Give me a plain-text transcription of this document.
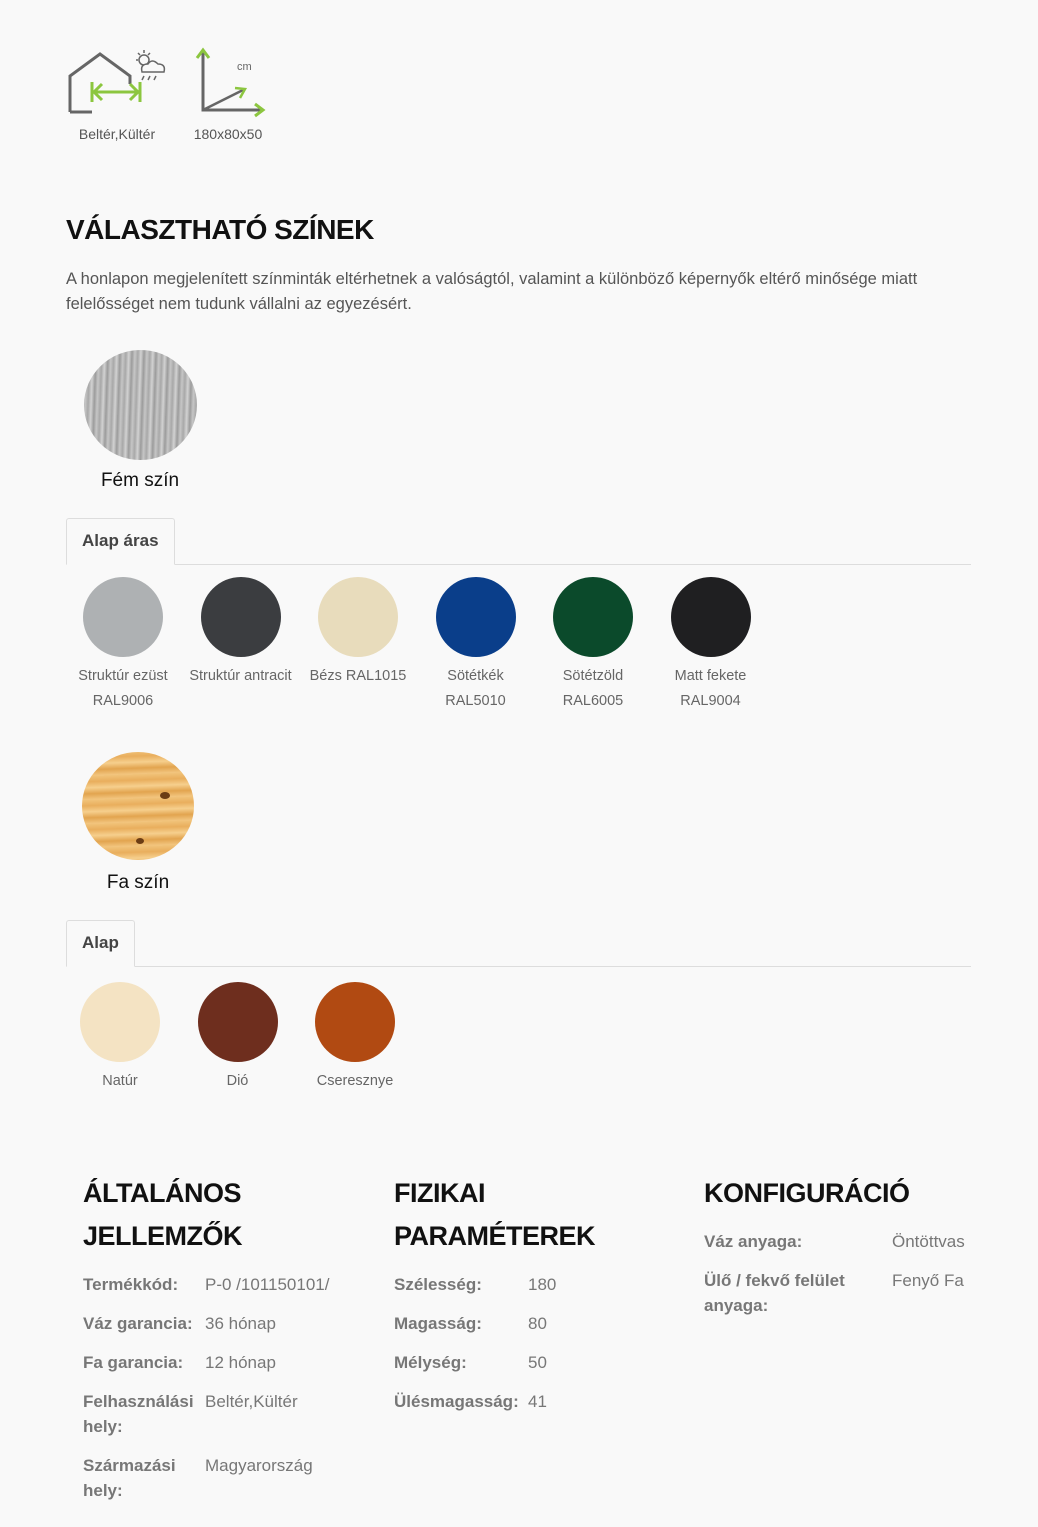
Beltér,Kültér
cm
180x80x50
VÁLASZTHATÓ SZÍNEK
A honlapon megjelenített színminták eltérhetnek a valóságtól, valamint a különböző képernyők eltérő minősége miatt felelősséget nem tudunk vállalni az egyezésért.
Fém szín
Alap áras
Struktúr ezüst RAL9006
Struktúr antracit	Bézs RAL1015	Sötétkék RAL5010
Sötétzöld RAL6005
Matt fekete RAL9004
Fa szín
Alap
Natúr	Dió	Cseresznye
ÁLTALÁNOS JELLEMZŐK
Termékkód:	P-0 /101150101/
Váz garancia: 36 hónap
Fa garancia:	12 hónap
Felhasználási hely:
Beltér,Kültér
Származási hely:
Magyarország
FIZIKAI PARAMÉTEREK
Szélesség:	180
Magasság:	80
Mélység:	50
Ülésmagasság: 41
KONFIGURÁCIÓ
Váz anyaga:	Öntöttvas
Ülő / fekvő felület anyaga:
Fenyő Fa
